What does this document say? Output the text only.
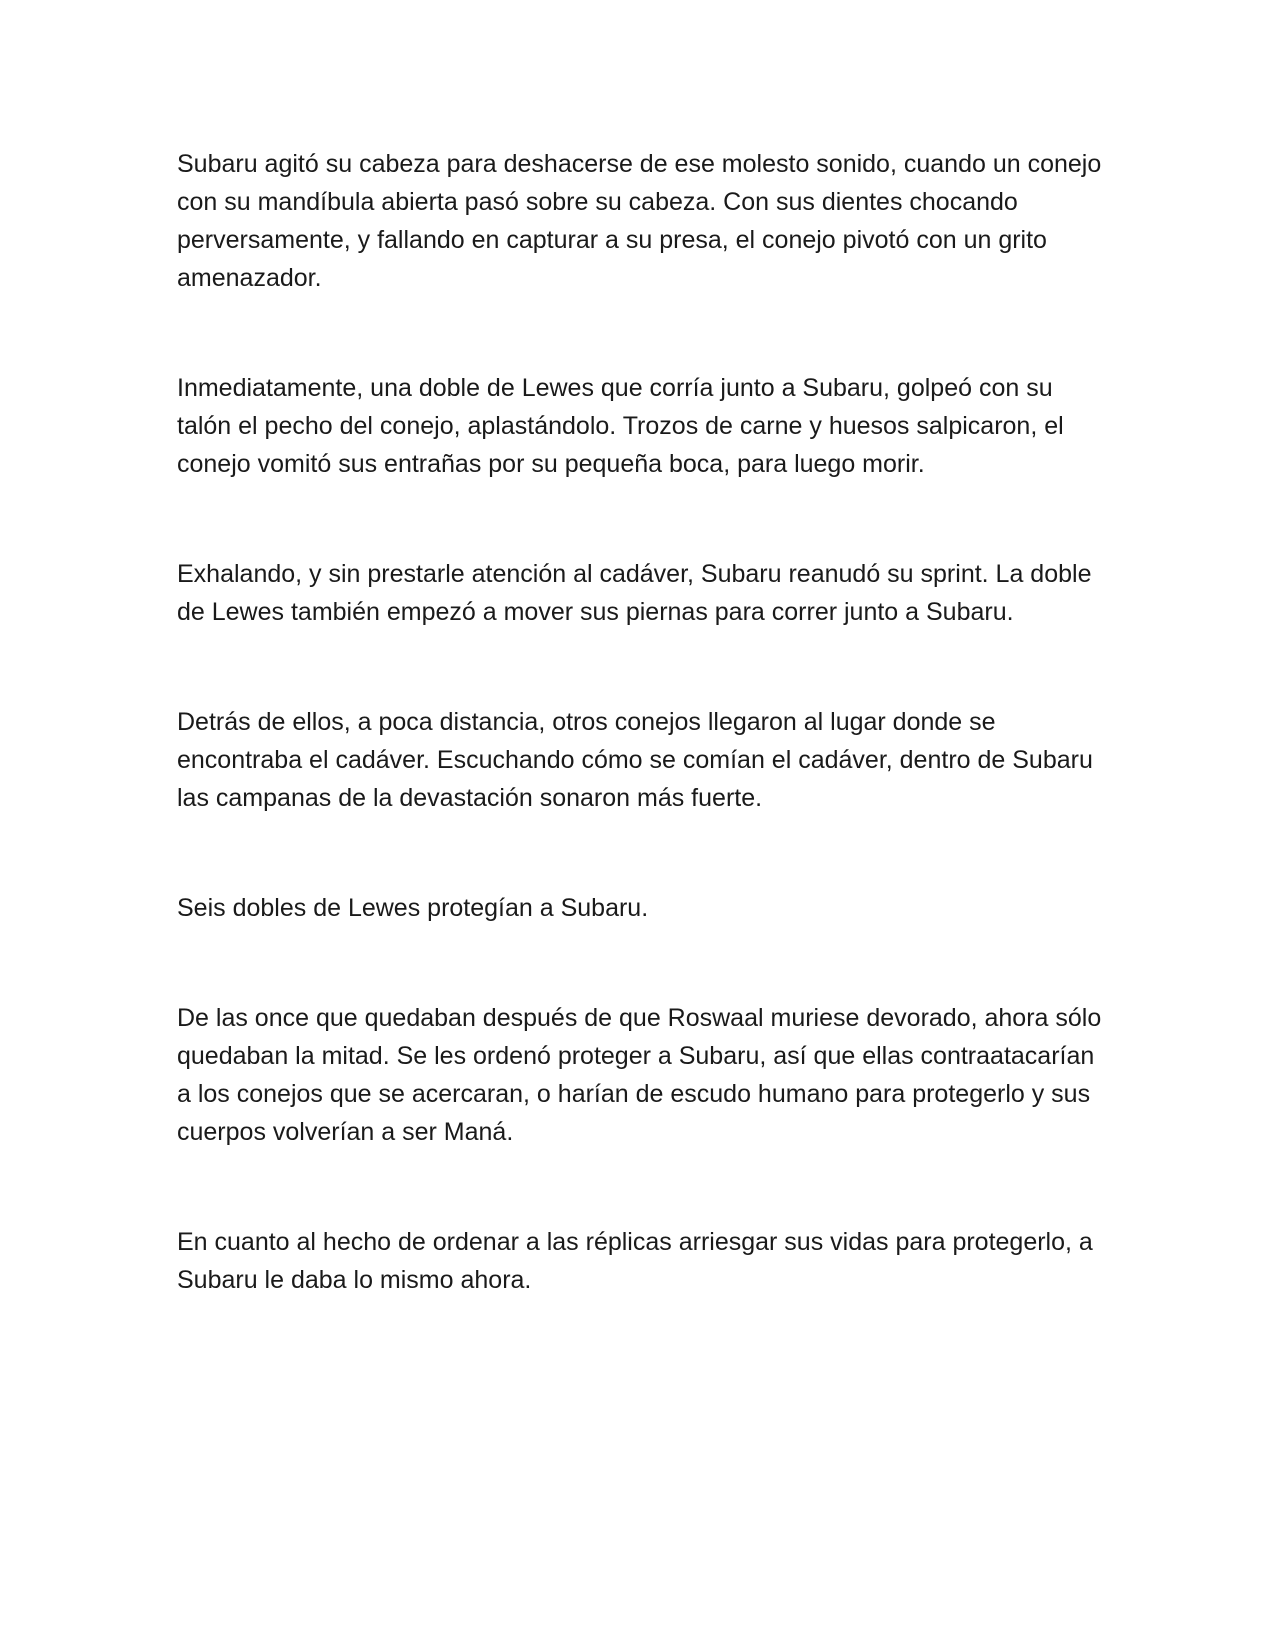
Subaru agitó su cabeza para deshacerse de ese molesto sonido, cuando un conejo con su mandíbula abierta pasó sobre su cabeza. Con sus dientes chocando perversamente, y fallando en capturar a su presa, el conejo pivotó con un grito amenazador.

Inmediatamente, una doble de Lewes que corría junto a Subaru, golpeó con su talón el pecho del conejo, aplastándolo. Trozos de carne y huesos salpicaron, el conejo vomitó sus entrañas por su pequeña boca, para luego morir.

Exhalando, y sin prestarle atención al cadáver, Subaru reanudó su sprint. La doble de Lewes también empezó a mover sus piernas para correr junto a Subaru.

Detrás de ellos, a poca distancia, otros conejos llegaron al lugar donde se encontraba el cadáver. Escuchando cómo se comían el cadáver, dentro de Subaru las campanas de la devastación sonaron más fuerte.

Seis dobles de Lewes protegían a Subaru.

De las once que quedaban después de que Roswaal muriese devorado, ahora sólo quedaban la mitad. Se les ordenó proteger a Subaru, así que ellas contraatacarían a los conejos que se acercaran, o harían de escudo humano para protegerlo y sus cuerpos volverían a ser Maná.

En cuanto al hecho de ordenar a las réplicas arriesgar sus vidas para protegerlo, a Subaru le daba lo mismo ahora.
